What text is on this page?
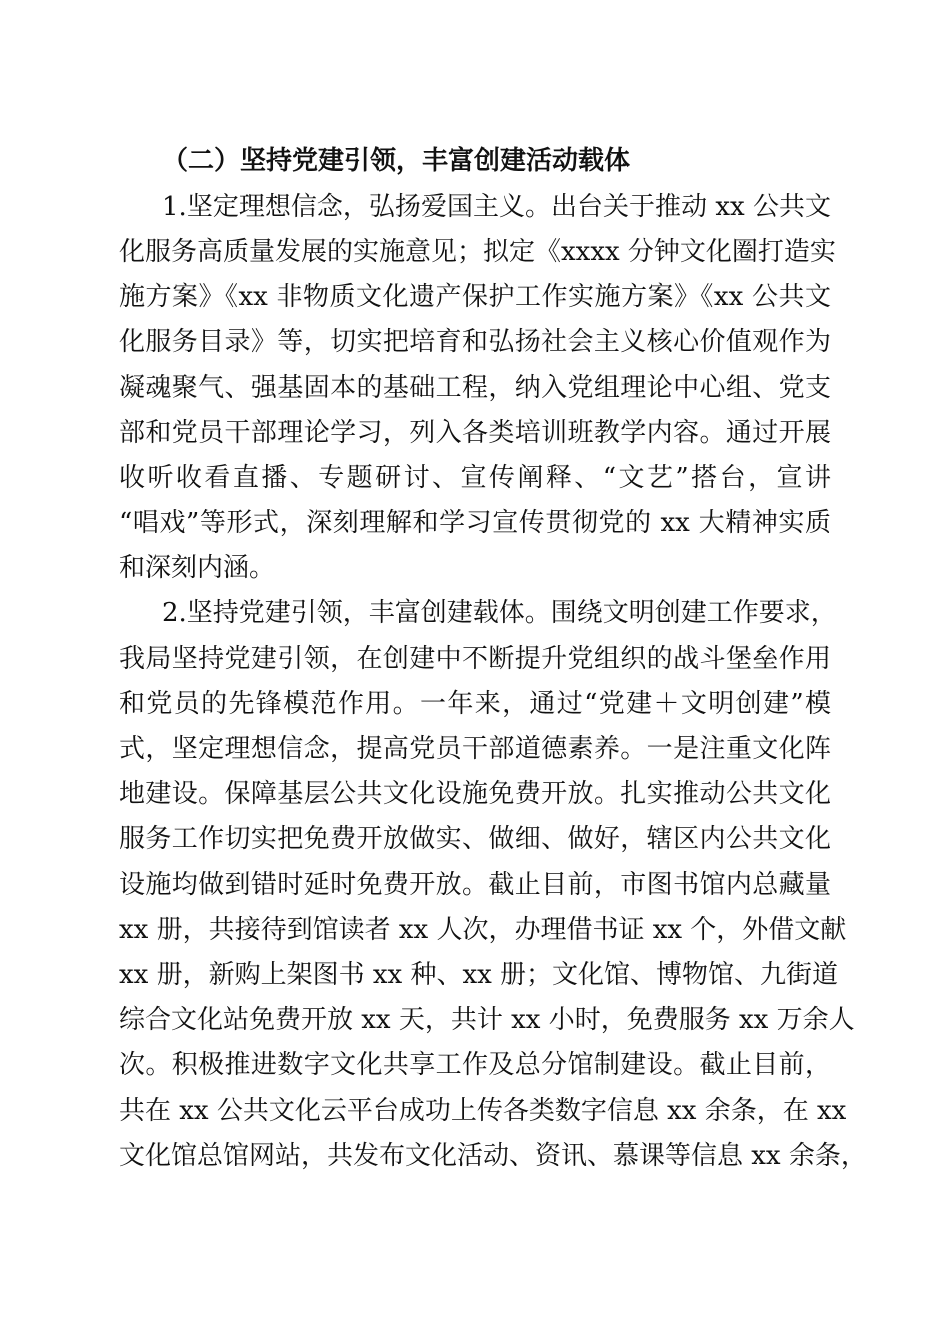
（二）坚持党建引领，丰富创建活动载体
1.坚定理想信念，弘扬爱国主义。出台关于推动 xx 公共文
化服务高质量发展的实施意见；拟定《xxxx 分钟文化圈打造实
施方案》《xx 非物质文化遗产保护工作实施方案》《xx 公共文
化服务目录》等，切实把培育和弘扬社会主义核心价值观作为
凝魂聚气、强基固本的基础工程，纳入党组理论中心组、党支
部和党员干部理论学习，列入各类培训班教学内容。通过开展
收听收看直播、专题研讨、宣传阐释、“文艺”搭台，宣讲
“唱戏”等形式，深刻理解和学习宣传贯彻党的 xx 大精神实质
和深刻内涵。
2.坚持党建引领，丰富创建载体。围绕文明创建工作要求，
我局坚持党建引领，在创建中不断提升党组织的战斗堡垒作用
和党员的先锋模范作用。一年来，通过“党建＋文明创建”模
式，坚定理想信念，提高党员干部道德素养。一是注重文化阵
地建设。保障基层公共文化设施免费开放。扎实推动公共文化
服务工作切实把免费开放做实、做细、做好，辖区内公共文化
设施均做到错时延时免费开放。截止目前，市图书馆内总藏量
xx 册，共接待到馆读者 xx 人次，办理借书证 xx 个，外借文献
xx 册，新购上架图书 xx 种、xx 册；文化馆、博物馆、九街道
综合文化站免费开放 xx 天，共计 xx 小时，免费服务 xx 万余人
次。积极推进数字文化共享工作及总分馆制建设。截止目前，
共在 xx 公共文化云平台成功上传各类数字信息 xx 余条，在 xx
文化馆总馆网站，共发布文化活动、资讯、慕课等信息 xx 余条，
